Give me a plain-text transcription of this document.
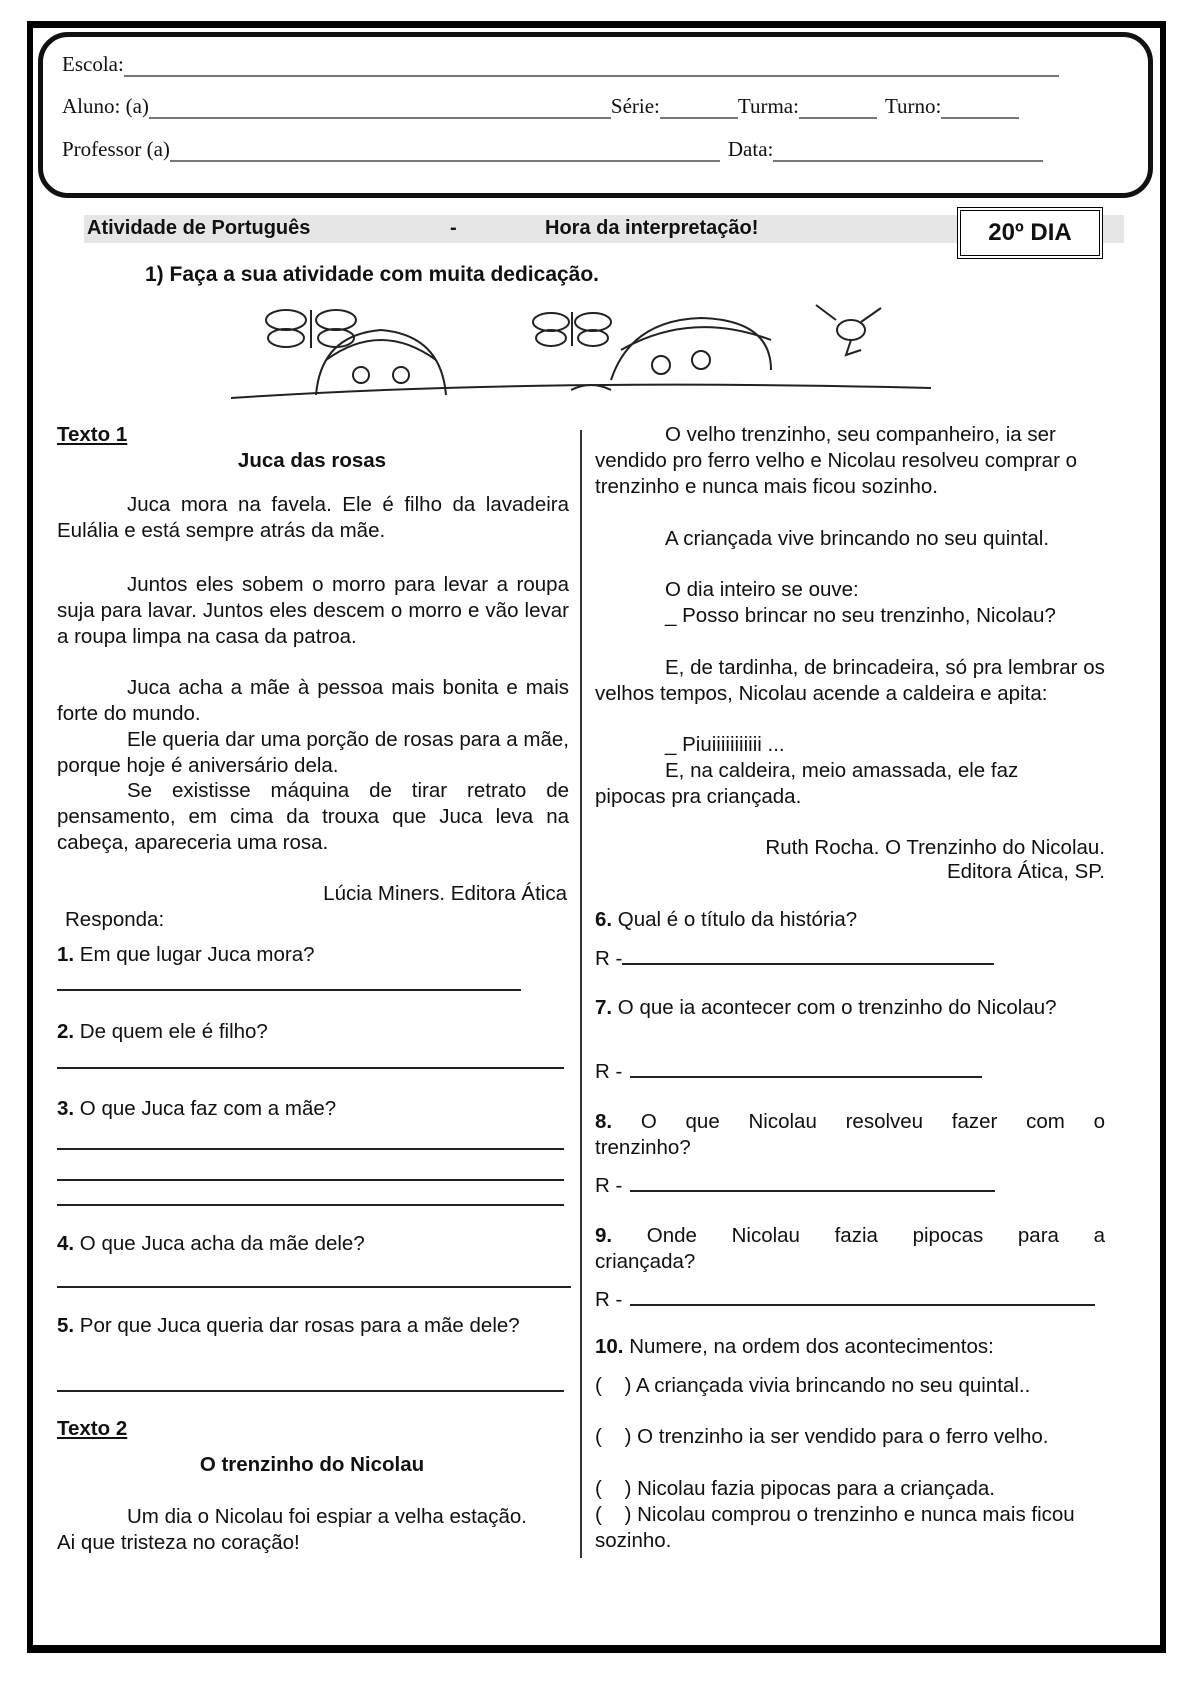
Escola:
Aluno: (a)	Série:	Turma:	Turno:
Professor (a)	Data:
Atividade de Português	-	Hora da interpretação!	20º DIA
1) Faça a sua atividade com muita dedicação.
Texto 1
Juca das rosas
Juca mora na favela. Ele é filho da lavadeira Eulália e está sempre atrás da mãe.
Juntos eles sobem o morro para levar a roupa suja para lavar. Juntos eles descem o morro e vão levar a roupa limpa na casa da patroa.
Juca acha a mãe à pessoa mais bonita e mais forte do mundo.
Ele queria dar uma porção de rosas para a mãe, porque hoje é aniversário dela.
Se existisse máquina de tirar retrato de pensamento, em cima da trouxa que Juca leva na cabeça, apareceria uma rosa.
Lúcia Miners. Editora Ática
Responda:
1. Em que lugar Juca mora?
2. De quem ele é filho?
3. O que Juca faz com a mãe?
4. O que Juca acha da mãe dele?
5. Por que Juca queria dar rosas para a mãe dele?
Texto 2
O trenzinho do Nicolau
Um dia o Nicolau foi espiar a velha estação. Ai que tristeza no coração!
O velho trenzinho, seu companheiro, ia ser vendido pro ferro velho e Nicolau resolveu comprar o trenzinho e nunca mais ficou sozinho.
A criançada vive brincando no seu quintal.
O dia inteiro se ouve:
_ Posso brincar no seu trenzinho, Nicolau?
E, de tardinha, de brincadeira, só pra lembrar os velhos tempos, Nicolau acende a caldeira e apita:
_ Piuiiiiiiiiiii ...
E, na caldeira, meio amassada, ele faz pipocas pra criançada.
Ruth Rocha. O Trenzinho do Nicolau.
Editora Ática, SP.
6. Qual é o título da história?
R -
7. O que ia acontecer com o trenzinho do Nicolau?
R -
8. O que Nicolau resolveu fazer com o trenzinho?
R -
9. Onde Nicolau fazia pipocas para a criançada?
R -
10. Numere, na ordem dos acontecimentos:
(    ) A criançada vivia brincando no seu quintal..
(    ) O trenzinho ia ser vendido para o ferro velho.
(    ) Nicolau fazia pipocas para a criançada.
(    ) Nicolau comprou o trenzinho e nunca mais ficou sozinho.
